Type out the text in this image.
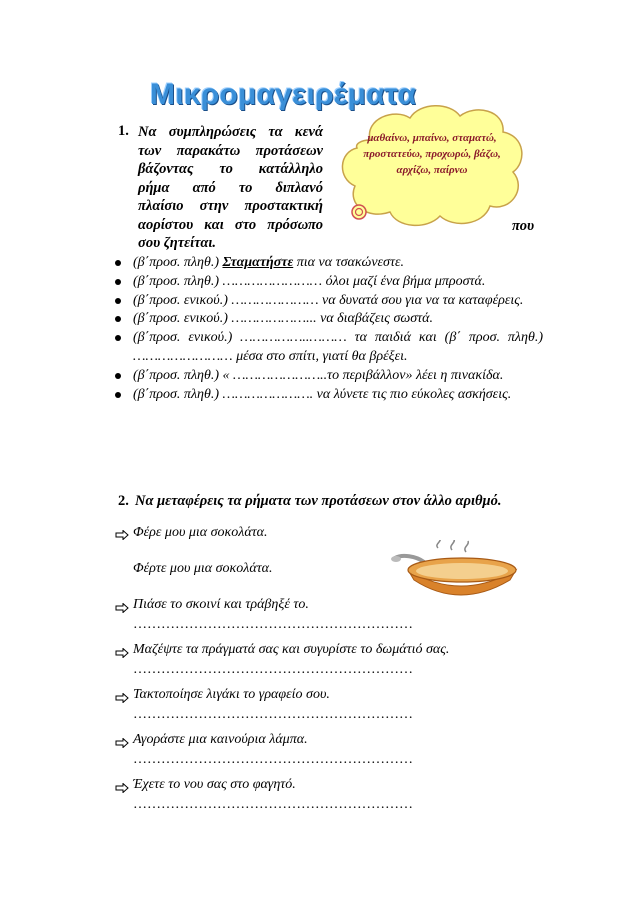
Μικρομαγειρέματα
μαθαίνω, μπαίνω, σταματώ, προστατεύω, προχωρώ, βάζω, αρχίζω, παίρνω
1. Να συμπληρώσεις τα κενά
των παρακάτω προτάσεων
βάζοντας το κατάλληλο
ρήμα από το διπλανό
πλαίσιο στην προστακτική
αορίστου και στο πρόσωπο
σου ζητείται.
που
(β΄προσ. πληθ.) Σταματήστε πια να τσακώνεστε.
(β΄προσ. πληθ.) …………………… όλοι μαζί ένα βήμα μπροστά.
(β΄προσ. ενικού.) ………………… να δυνατά σου για να τα καταφέρεις.
(β΄προσ. ενικού.) ………………... να διαβάζεις σωστά.
(β΄προσ. ενικού.) ……………..……… τα παιδιά και (β΄ προσ. πληθ.) …………………… μέσα στο σπίτι, γιατί θα βρέξει.
(β΄προσ. πληθ.) « …………………..το περιβάλλον» λέει η πινακίδα.
(β΄προσ. πληθ.) …………………. να λύνετε τις πιο εύκολες ασκήσεις.
2. Να μεταφέρεις τα ρήματα των προτάσεων στον άλλο αριθμό.
Φέρε μου μια σοκολάτα.
Φέρτε μου μια σοκολάτα.
Πιάσε το σκοινί και τράβηξέ το.
……………………………………………………
Μαζέψτε τα πράγματά σας και συγυρίστε το δωμάτιό σας.
……………………………………………………
Τακτοποίησε λιγάκι το γραφείο σου.
……………………………………………………
Αγοράστε μια καινούρια λάμπα.
……………………………………………………
Έχετε το νου σας στο φαγητό.
……………………………………………………
